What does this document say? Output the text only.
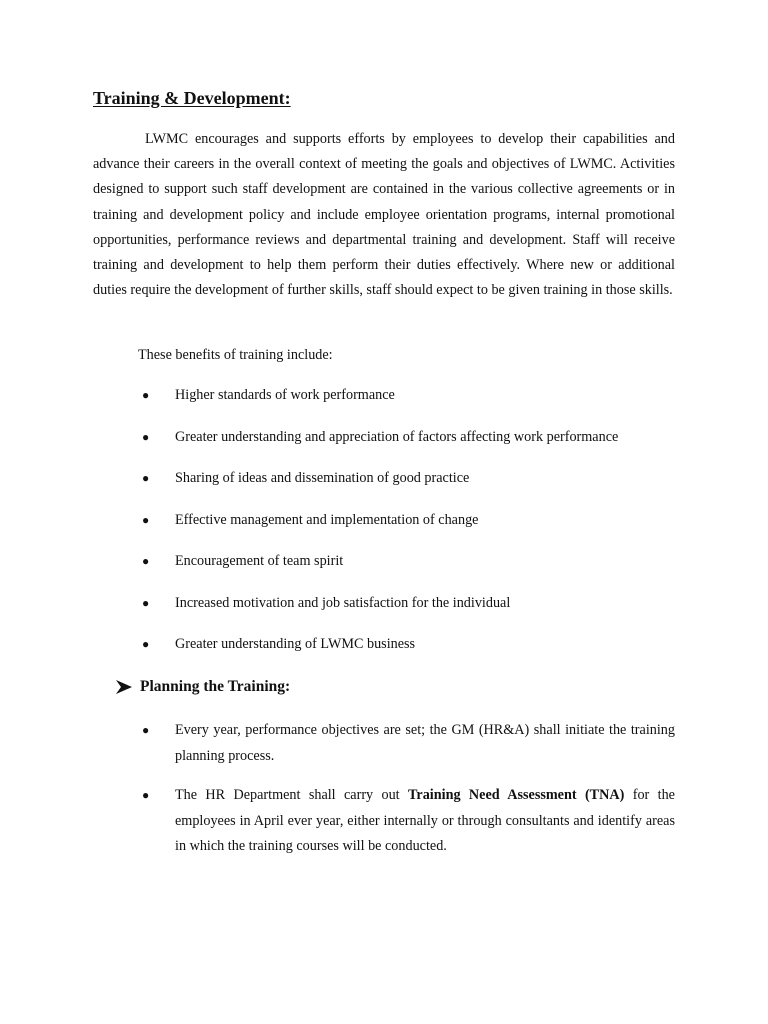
Training & Development:

LWMC encourages and supports efforts by employees to develop their capabilities and advance their careers in the overall context of meeting the goals and objectives of LWMC. Activities designed to support such staff development are contained in the various collective agreements or in training and development policy and include employee orientation programs, internal promotional opportunities, performance reviews and departmental training and development. Staff will receive training and development to help them perform their duties effectively. Where new or additional duties require the development of further skills, staff should expect to be given training in those skills.

These benefits of training include:

● Higher standards of work performance

● Greater understanding and appreciation of factors affecting work performance

● Sharing of ideas and dissemination of good practice

● Effective management and implementation of change

● Encouragement of team spirit

● Increased motivation and job satisfaction for the individual

● Greater understanding of LWMC business

Planning the Training:

● Every year, performance objectives are set; the GM (HR&A) shall initiate the training planning process.

● The HR Department shall carry out Training Need Assessment (TNA) for the employees in April ever year, either internally or through consultants and identify areas in which the training courses will be conducted.
